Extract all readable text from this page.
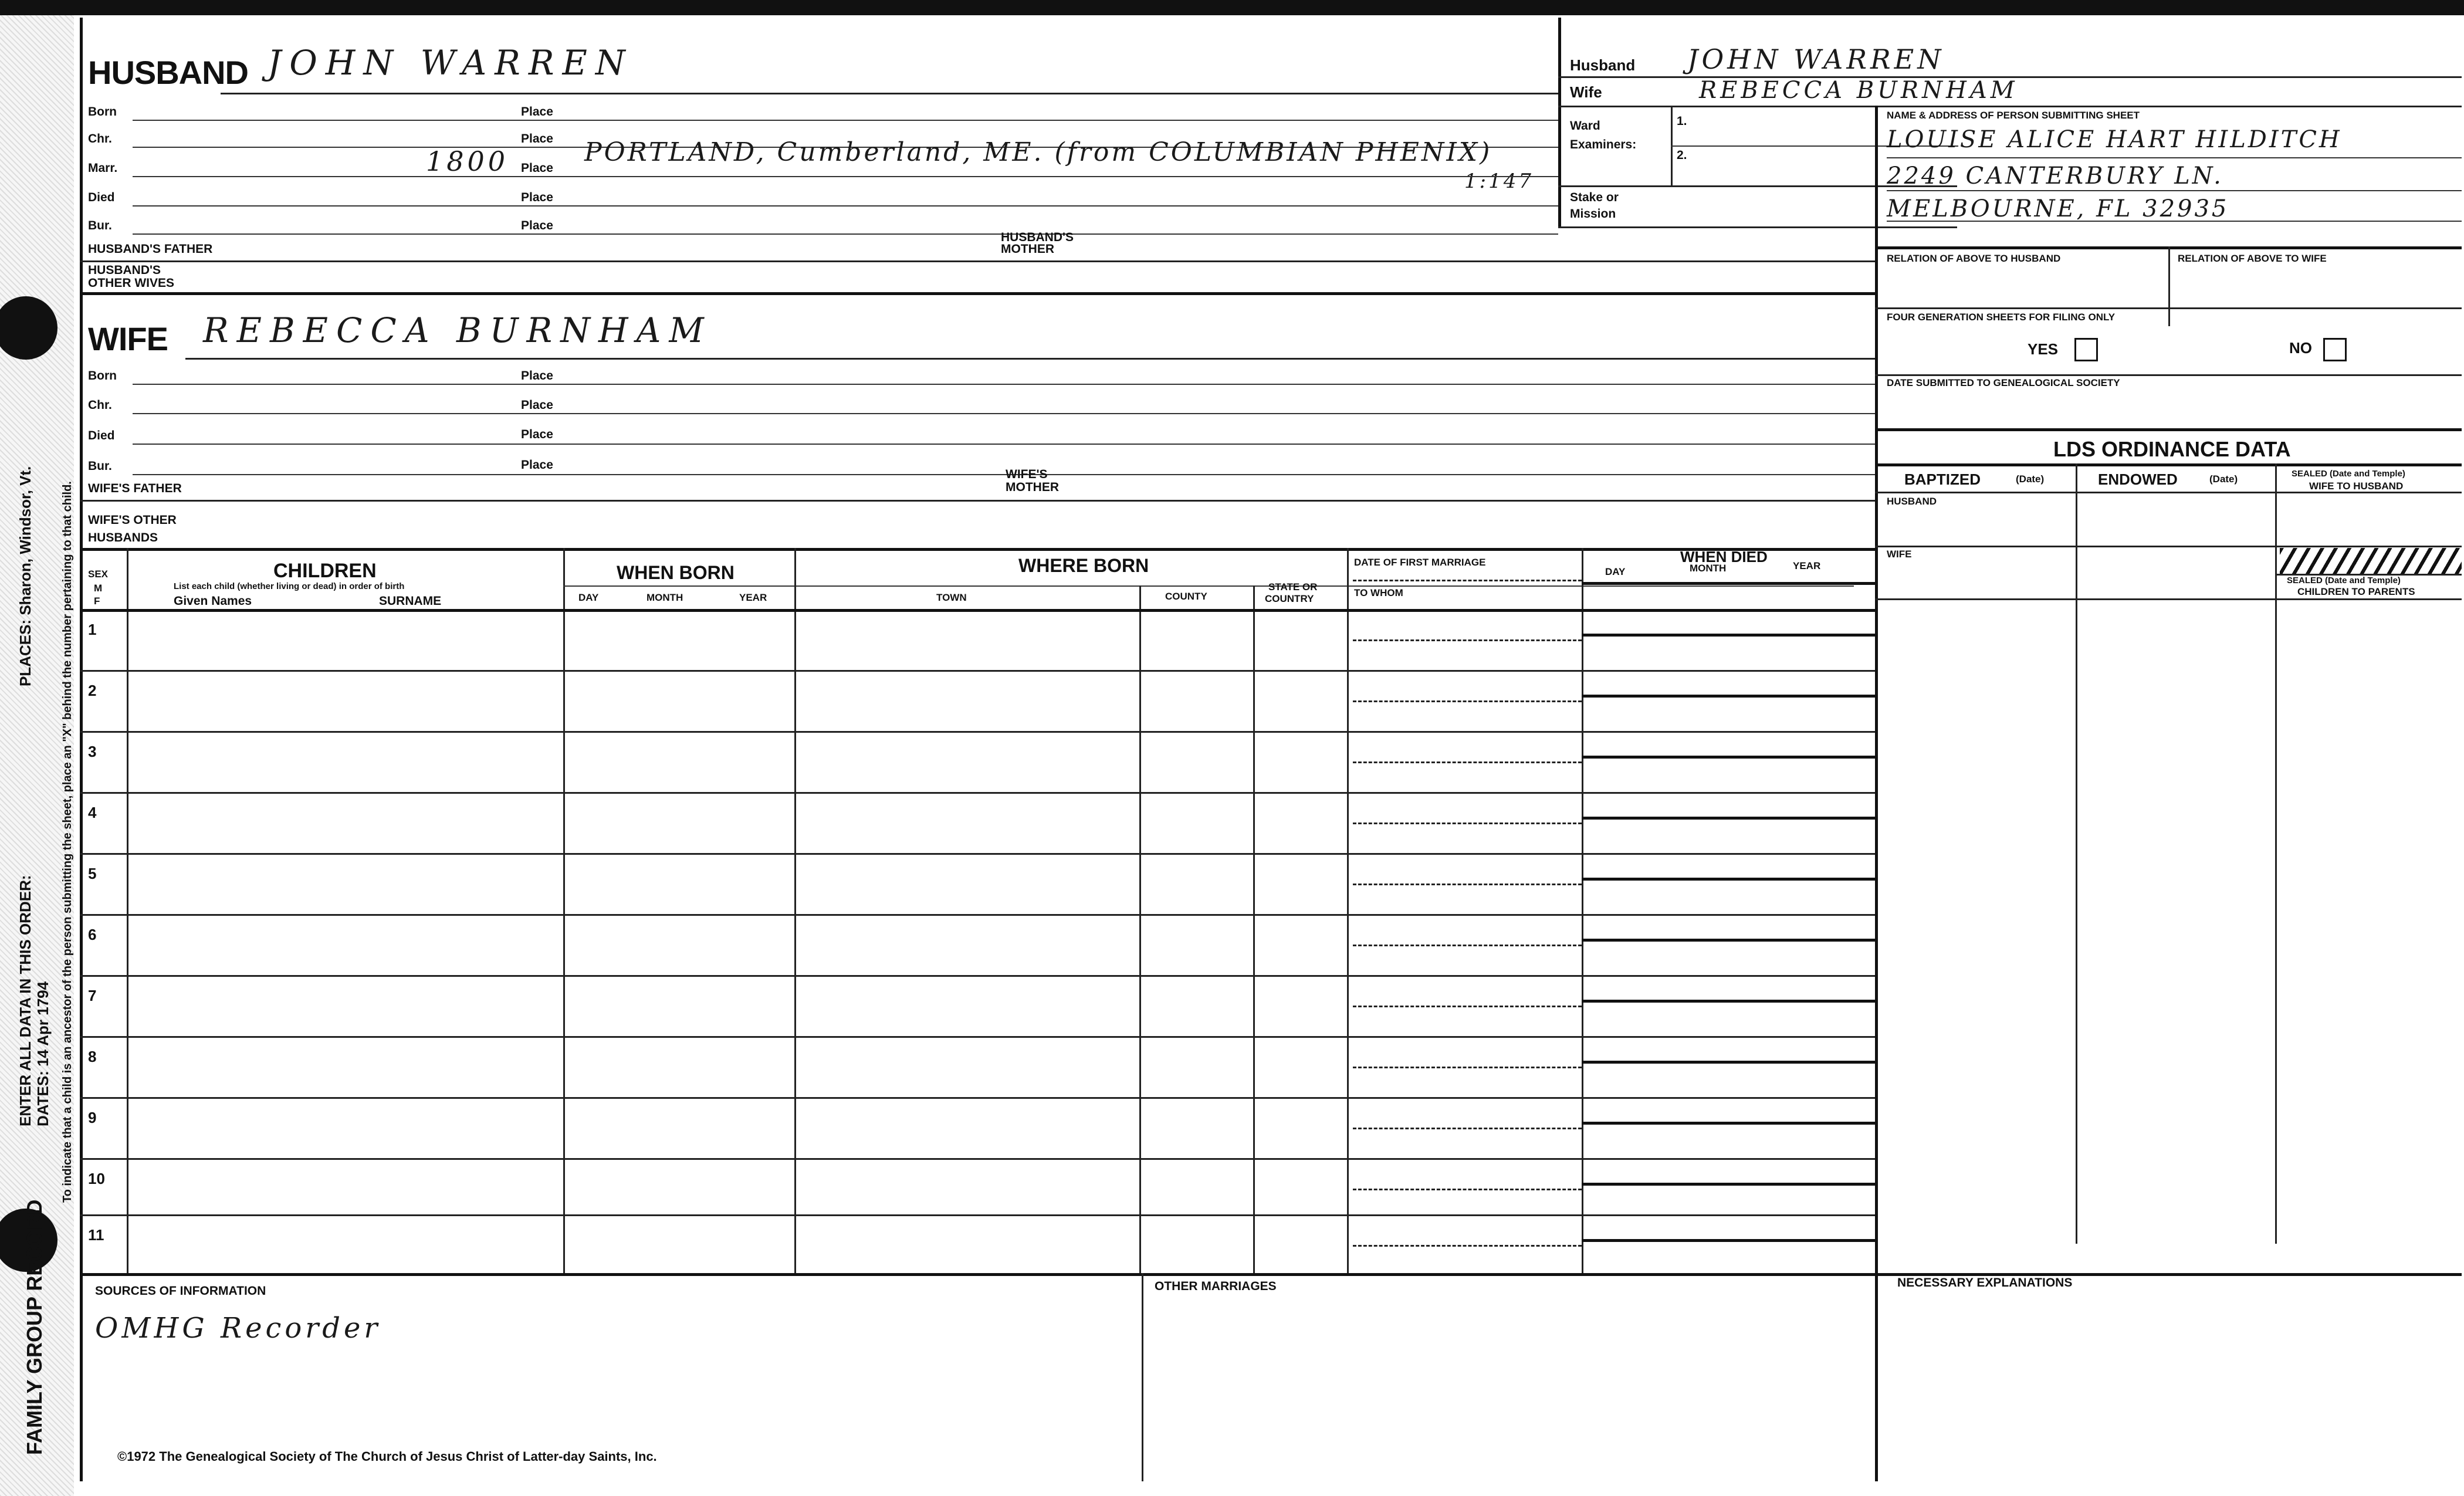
FAMILY GROUP RECORD
ENTER ALL DATA IN THIS ORDER: DATES: 14 Apr 1794
PLACES: Sharon, Windsor, Vt. To indicate that a child is an ancestor of the person submitting the sheet, place an "X" behind the number pertaining to that child.
HUSBAND JOHN WARREN
Born	Place
Chr.	Place
Marr.	1800 Place
PORTLAND, Cumberland, ME. (from COLUMBIAN PHENIX)
1:147
Died	Place
Bur.	Place
HUSBAND'S FATHER
HUSBAND'S
MOTHER
HUSBAND'S
OTHER WIVES
WIFE REBECCA BURNHAM
Born	Place
Chr.	Place
Died	Place
Bur.	Place
WIFE'S FATHER
WIFE'S
MOTHER
WIFE'S OTHER
HUSBANDS
Husband JOHN WARREN
Wife	REBECCA BURNHAM
Ward
Examiners:
1.
2.
Stake or
Mission
NAME & ADDRESS OF PERSON SUBMITTING SHEET
LOUISE ALICE HART HILDITCH
2249 CANTERBURY LN.
MELBOURNE, FL 32935
RELATION OF ABOVE TO HUSBAND	RELATION OF ABOVE TO WIFE
FOUR GENERATION SHEETS FOR FILING ONLY
YES	NO
DATE SUBMITTED TO GENEALOGICAL SOCIETY
LDS ORDINANCE DATA
BAPTIZED	(Date)	ENDOWED	(Date)	SEALED (Date and Temple)
WIFE TO HUSBAND
HUSBAND
WIFE
SEALED (Date and Temple)
CHILDREN TO PARENTS
SEX
M
F
CHILDREN
List each child (whether living or dead) in order of birth
Given Names	SURNAME
WHEN BORN
DAY	MONTH	YEAR
WHERE BORN
TOWN	COUNTY
STATE OR
COUNTRY
DATE OF FIRST MARRIAGE
TO WHOM
WHEN DIED
DAY	MONTH	YEAR
1
2
3
4
5
6
7
8
9
10
11
SOURCES OF INFORMATION
OMHG Recorder
OTHER MARRIAGES	NECESSARY EXPLANATIONS
©1972 The Genealogical Society of The Church of Jesus Christ of Latter-day Saints, Inc.
